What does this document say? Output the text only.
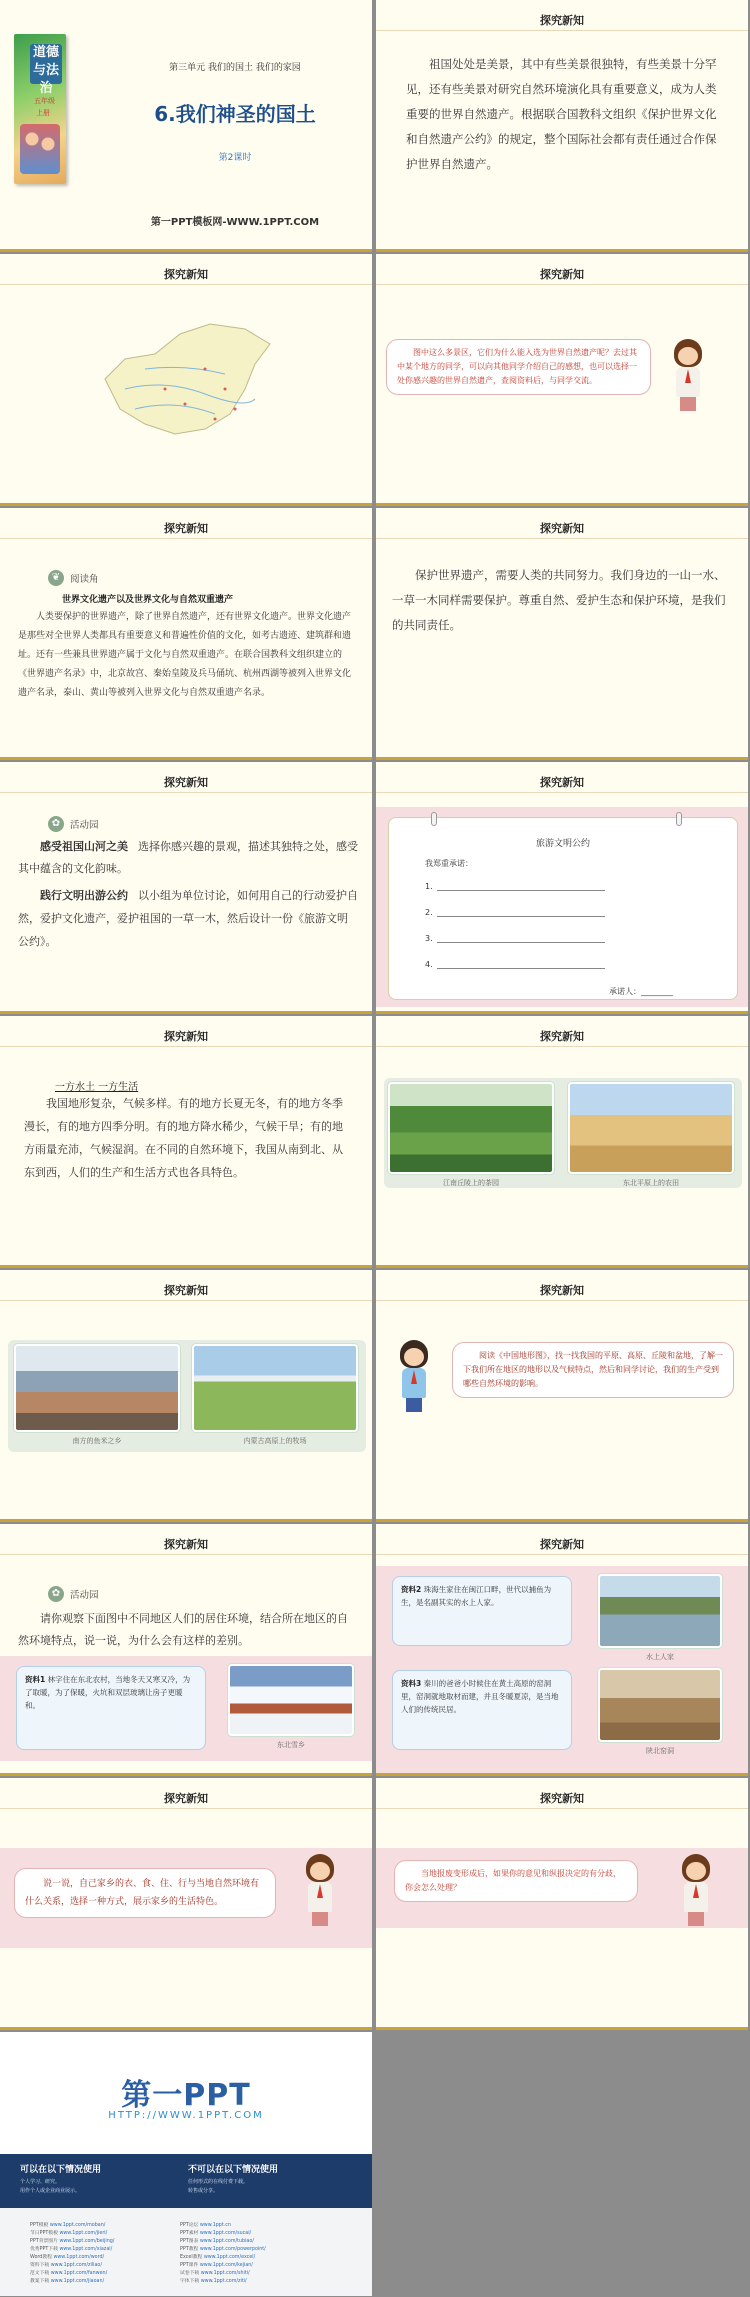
道德与法治
五年级
上册
第三单元 我们的国土 我们的家园
6.我们神圣的国土
第2课时
第一PPT模板网-WWW.1PPT.COM
探究新知
祖国处处是美景，其中有些美景很独特，有些美景十分罕见，还有些美景对研究自然环境演化具有重要意义，成为人类重要的世界自然遗产。根据联合国教科文组织《保护世界文化和自然遗产公约》的规定，整个国际社会都有责任通过合作保护世界自然遗产。
探究新知	探究新知
图中这么多景区，它们为什么能入选为世界自然遗产呢？去过其中某个地方的同学，可以向其他同学介绍自己的感想，也可以选择一处你感兴趣的世界自然遗产，查阅资料后，与同学交流。
探究新知
❦	阅读角
世界文化遗产以及世界文化与自然双重遗产
人类要保护的世界遗产，除了世界自然遗产，还有世界文化遗产。世界文化遗产是那些对全世界人类都具有重要意义和普遍性价值的文化，如考古遗迹、建筑群和遗址。还有一些兼具世界遗产属于文化与自然双重遗产。在联合国教科文组织建立的《世界遗产名录》中，北京故宫、秦始皇陵及兵马俑坑、杭州西湖等被列入世界文化遗产名录，泰山、黄山等被列入世界文化与自然双重遗产名录。
探究新知
保护世界遗产，需要人类的共同努力。我们身边的一山一水、一草一木同样需要保护。尊重自然、爱护生态和保护环境，是我们的共同责任。
探究新知
✿	活动园
感受祖国山河之美 选择你感兴趣的景观，描述其独特之处，感受其中蕴含的文化韵味。
践行文明出游公约 以小组为单位讨论，如何用自己的行动爱护自然，爱护文化遗产，爱护祖国的一草一木，然后设计一份《旅游文明公约》。
探究新知
旅游文明公约
我郑重承诺：
1.
2.
3.
4.
承诺人：________
探究新知
一方水土 一方生活
我国地形复杂，气候多样。有的地方长夏无冬，有的地方冬季漫长，有的地方四季分明。有的地方降水稀少，气候干旱；有的地方雨量充沛，气候湿润。在不同的自然环境下，我国从南到北、从东到西，人们的生产和生活方式也各具特色。
探究新知
江南丘陵上的茶园	东北平原上的农田
探究新知
南方的鱼米之乡	内蒙古高原上的牧场
探究新知
阅读《中国地形图》，找一找我国的平原、高原、丘陵和盆地，了解一下我们所在地区的地形以及气候特点，然后和同学讨论，我们的生产受到哪些自然环境的影响。
探究新知
✿	活动园
请你观察下面图中不同地区人们的居住环境，结合所在地区的自然环境特点，说一说，为什么会有这样的差别。
资料1 林字住在东北农村，当地冬天又寒又冷，为了取暖，为了保暖，火坑和双层玻璃让房子更暖和。
东北雪乡
探究新知
资料2 珠海生家住在闽江口畔，世代以捕鱼为生，是名副其实的水上人家。
水上人家
资料3 秦川的爸爸小时候住在黄土高原的窑洞里，窑洞就地取材而建，并且冬暖夏凉，是当地人们的传统民居。
陕北窑洞
探究新知
说一说，自己家乡的衣、食、住、行与当地自然环境有什么关系，选择一种方式，展示家乡的生活特色。
探究新知
当地报废变形成后，如果你的意见和纵报决定的有分歧，你会怎么处理？
第一PPT
HTTP://WWW.1PPT.COM
可以在以下情况使用
个人学习、研究。
用作个人或企业商业展示。
不可以在以下情况使用
任何形式的在线付费下载。
转售或分享。
PPT模板 www.1ppt.com/moban/
节日PPT模板 www.1ppt.com/jieri/
PPT背景图片 www.1ppt.com/beijing/
优秀PPT下载 www.1ppt.com/xiazai/
Word教程 www.1ppt.com/word/
资料下载 www.1ppt.com/ziliao/
范文下载 www.1ppt.com/fanwen/
教案下载 www.1ppt.com/jiaoan/
PPT论坛 www.1ppt.cn
PPT素材 www.1ppt.com/sucai/
PPT图表 www.1ppt.com/tubiao/
PPT教程 www.1ppt.com/powerpoint/
Excel教程 www.1ppt.com/excel/
PPT课件 www.1ppt.com/kejian/
试卷下载 www.1ppt.com/shiti/
字体下载 www.1ppt.com/ziti/
